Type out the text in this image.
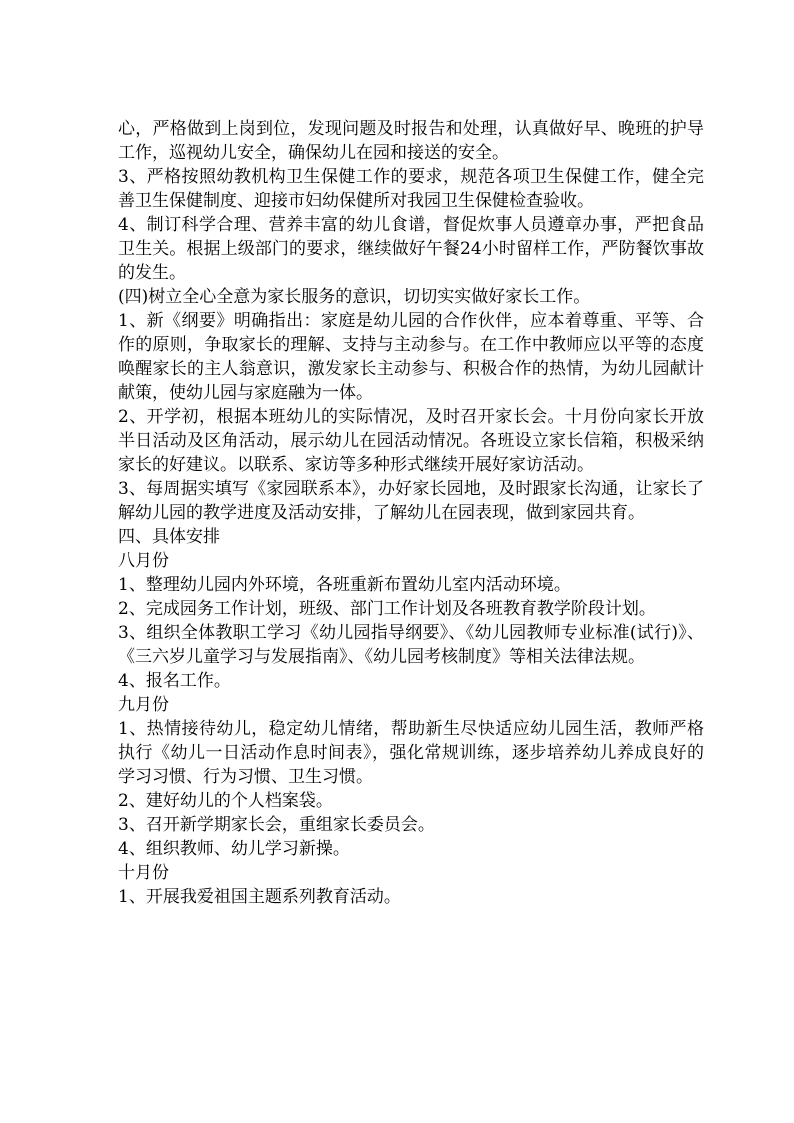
心，严格做到上岗到位，发现问题及时报告和处理，认真做好早、晚班的护导工作，巡视幼儿安全，确保幼儿在园和接送的安全。

3、严格按照幼教机构卫生保健工作的要求，规范各项卫生保健工作，健全完善卫生保健制度、迎接市妇幼保健所对我园卫生保健检查验收。

4、制订科学合理、营养丰富的幼儿食谱，督促炊事人员遵章办事，严把食品卫生关。根据上级部门的要求，继续做好午餐24小时留样工作，严防餐饮事故的发生。

(四)树立全心全意为家长服务的意识，切切实实做好家长工作。

1、新《纲要》明确指出：家庭是幼儿园的合作伙伴，应本着尊重、平等、合作的原则，争取家长的理解、支持与主动参与。在工作中教师应以平等的态度唤醒家长的主人翁意识，激发家长主动参与、积极合作的热情，为幼儿园献计献策，使幼儿园与家庭融为一体。

2、开学初，根据本班幼儿的实际情况，及时召开家长会。十月份向家长开放半日活动及区角活动，展示幼儿在园活动情况。各班设立家长信箱，积极采纳家长的好建议。以联系、家访等多种形式继续开展好家访活动。

3、每周据实填写《家园联系本》，办好家长园地，及时跟家长沟通，让家长了解幼儿园的教学进度及活动安排，了解幼儿在园表现，做到家园共育。

四、具体安排

八月份

1、整理幼儿园内外环境，各班重新布置幼儿室内活动环境。

2、完成园务工作计划，班级、部门工作计划及各班教育教学阶段计划。

3、组织全体教职工学习《幼儿园指导纲要》、《幼儿园教师专业标准(试行)》、《三六岁儿童学习与发展指南》、《幼儿园考核制度》等相关法律法规。

4、报名工作。

九月份

1、热情接待幼儿，稳定幼儿情绪，帮助新生尽快适应幼儿园生活，教师严格执行《幼儿一日活动作息时间表》，强化常规训练，逐步培养幼儿养成良好的学习习惯、行为习惯、卫生习惯。

2、建好幼儿的个人档案袋。

3、召开新学期家长会，重组家长委员会。

4、组织教师、幼儿学习新操。

十月份

1、开展我爱祖国主题系列教育活动。
